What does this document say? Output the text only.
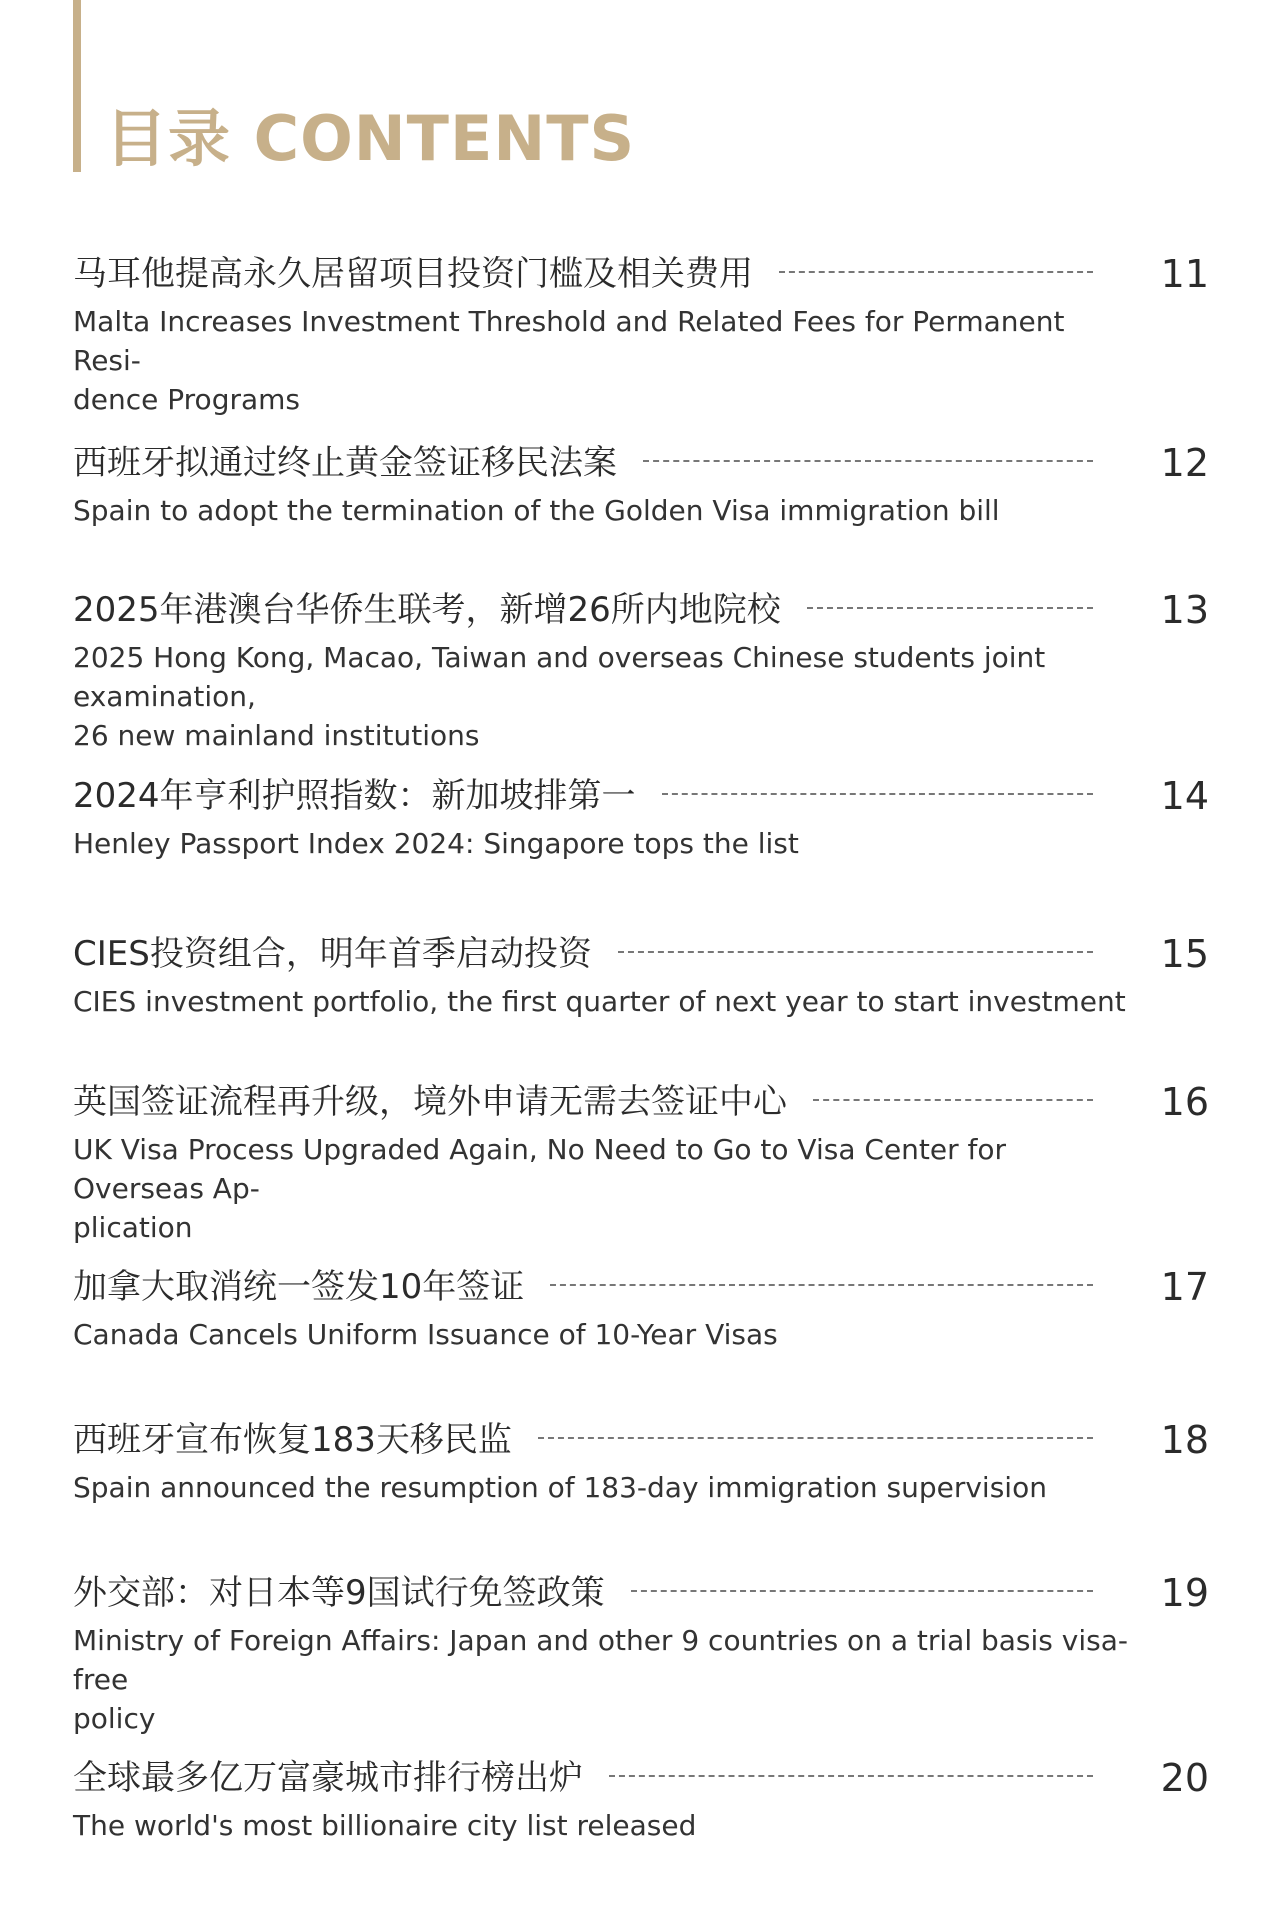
目录 CONTENTS
马耳他提高永久居留项目投资门槛及相关费用	11
Malta Increases Investment Threshold and Related Fees for Permanent Resi-
dence Programs
西班牙拟通过终止黄金签证移民法案	12
Spain to adopt the termination of the Golden Visa immigration bill
2025年港澳台华侨生联考，新增26所内地院校	13
2025 Hong Kong, Macao, Taiwan and overseas Chinese students joint examination,
26 new mainland institutions
2024年亨利护照指数：新加坡排第一	14
Henley Passport Index 2024: Singapore tops the list
CIES投资组合，明年首季启动投资	15
CIES investment portfolio, the first quarter of next year to start investment
英国签证流程再升级，境外申请无需去签证中心	16
UK Visa Process Upgraded Again, No Need to Go to Visa Center for Overseas Ap-
plication
加拿大取消统一签发10年签证	17
Canada Cancels Uniform Issuance of 10-Year Visas
西班牙宣布恢复183天移民监	18
Spain announced the resumption of 183-day immigration supervision
外交部：对日本等9国试行免签政策	19
Ministry of Foreign Affairs: Japan and other 9 countries on a trial basis visa-free
policy
全球最多亿万富豪城市排行榜出炉	20
The world's most billionaire city list released
